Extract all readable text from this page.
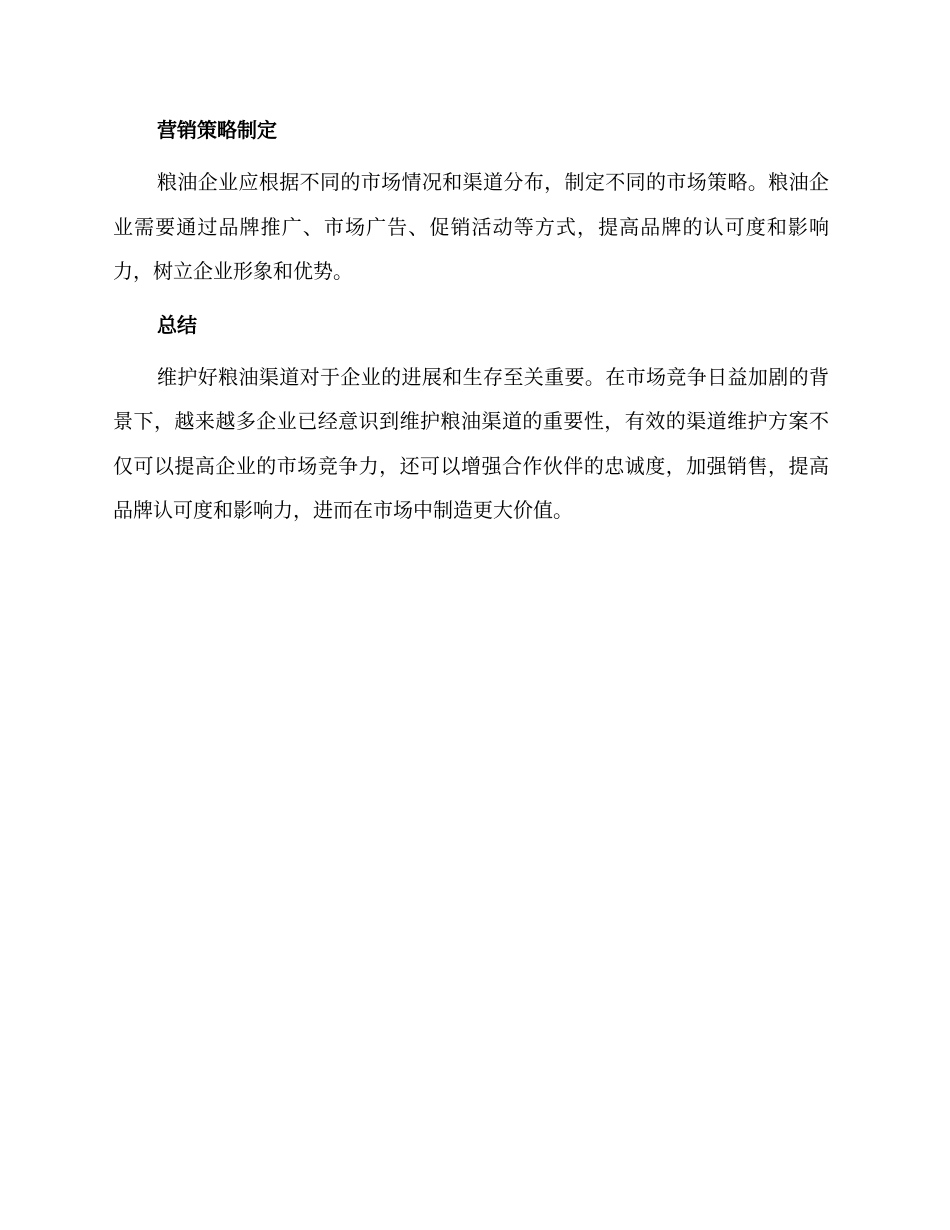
营销策略制定

粮油企业应根据不同的市场情况和渠道分布，制定不同的市场策略。粮油企业需要通过品牌推广、市场广告、促销活动等方式，提高品牌的认可度和影响力，树立企业形象和优势。

总结

维护好粮油渠道对于企业的进展和生存至关重要。在市场竞争日益加剧的背景下，越来越多企业已经意识到维护粮油渠道的重要性，有效的渠道维护方案不仅可以提高企业的市场竞争力，还可以增强合作伙伴的忠诚度，加强销售，提高品牌认可度和影响力，进而在市场中制造更大价值。
